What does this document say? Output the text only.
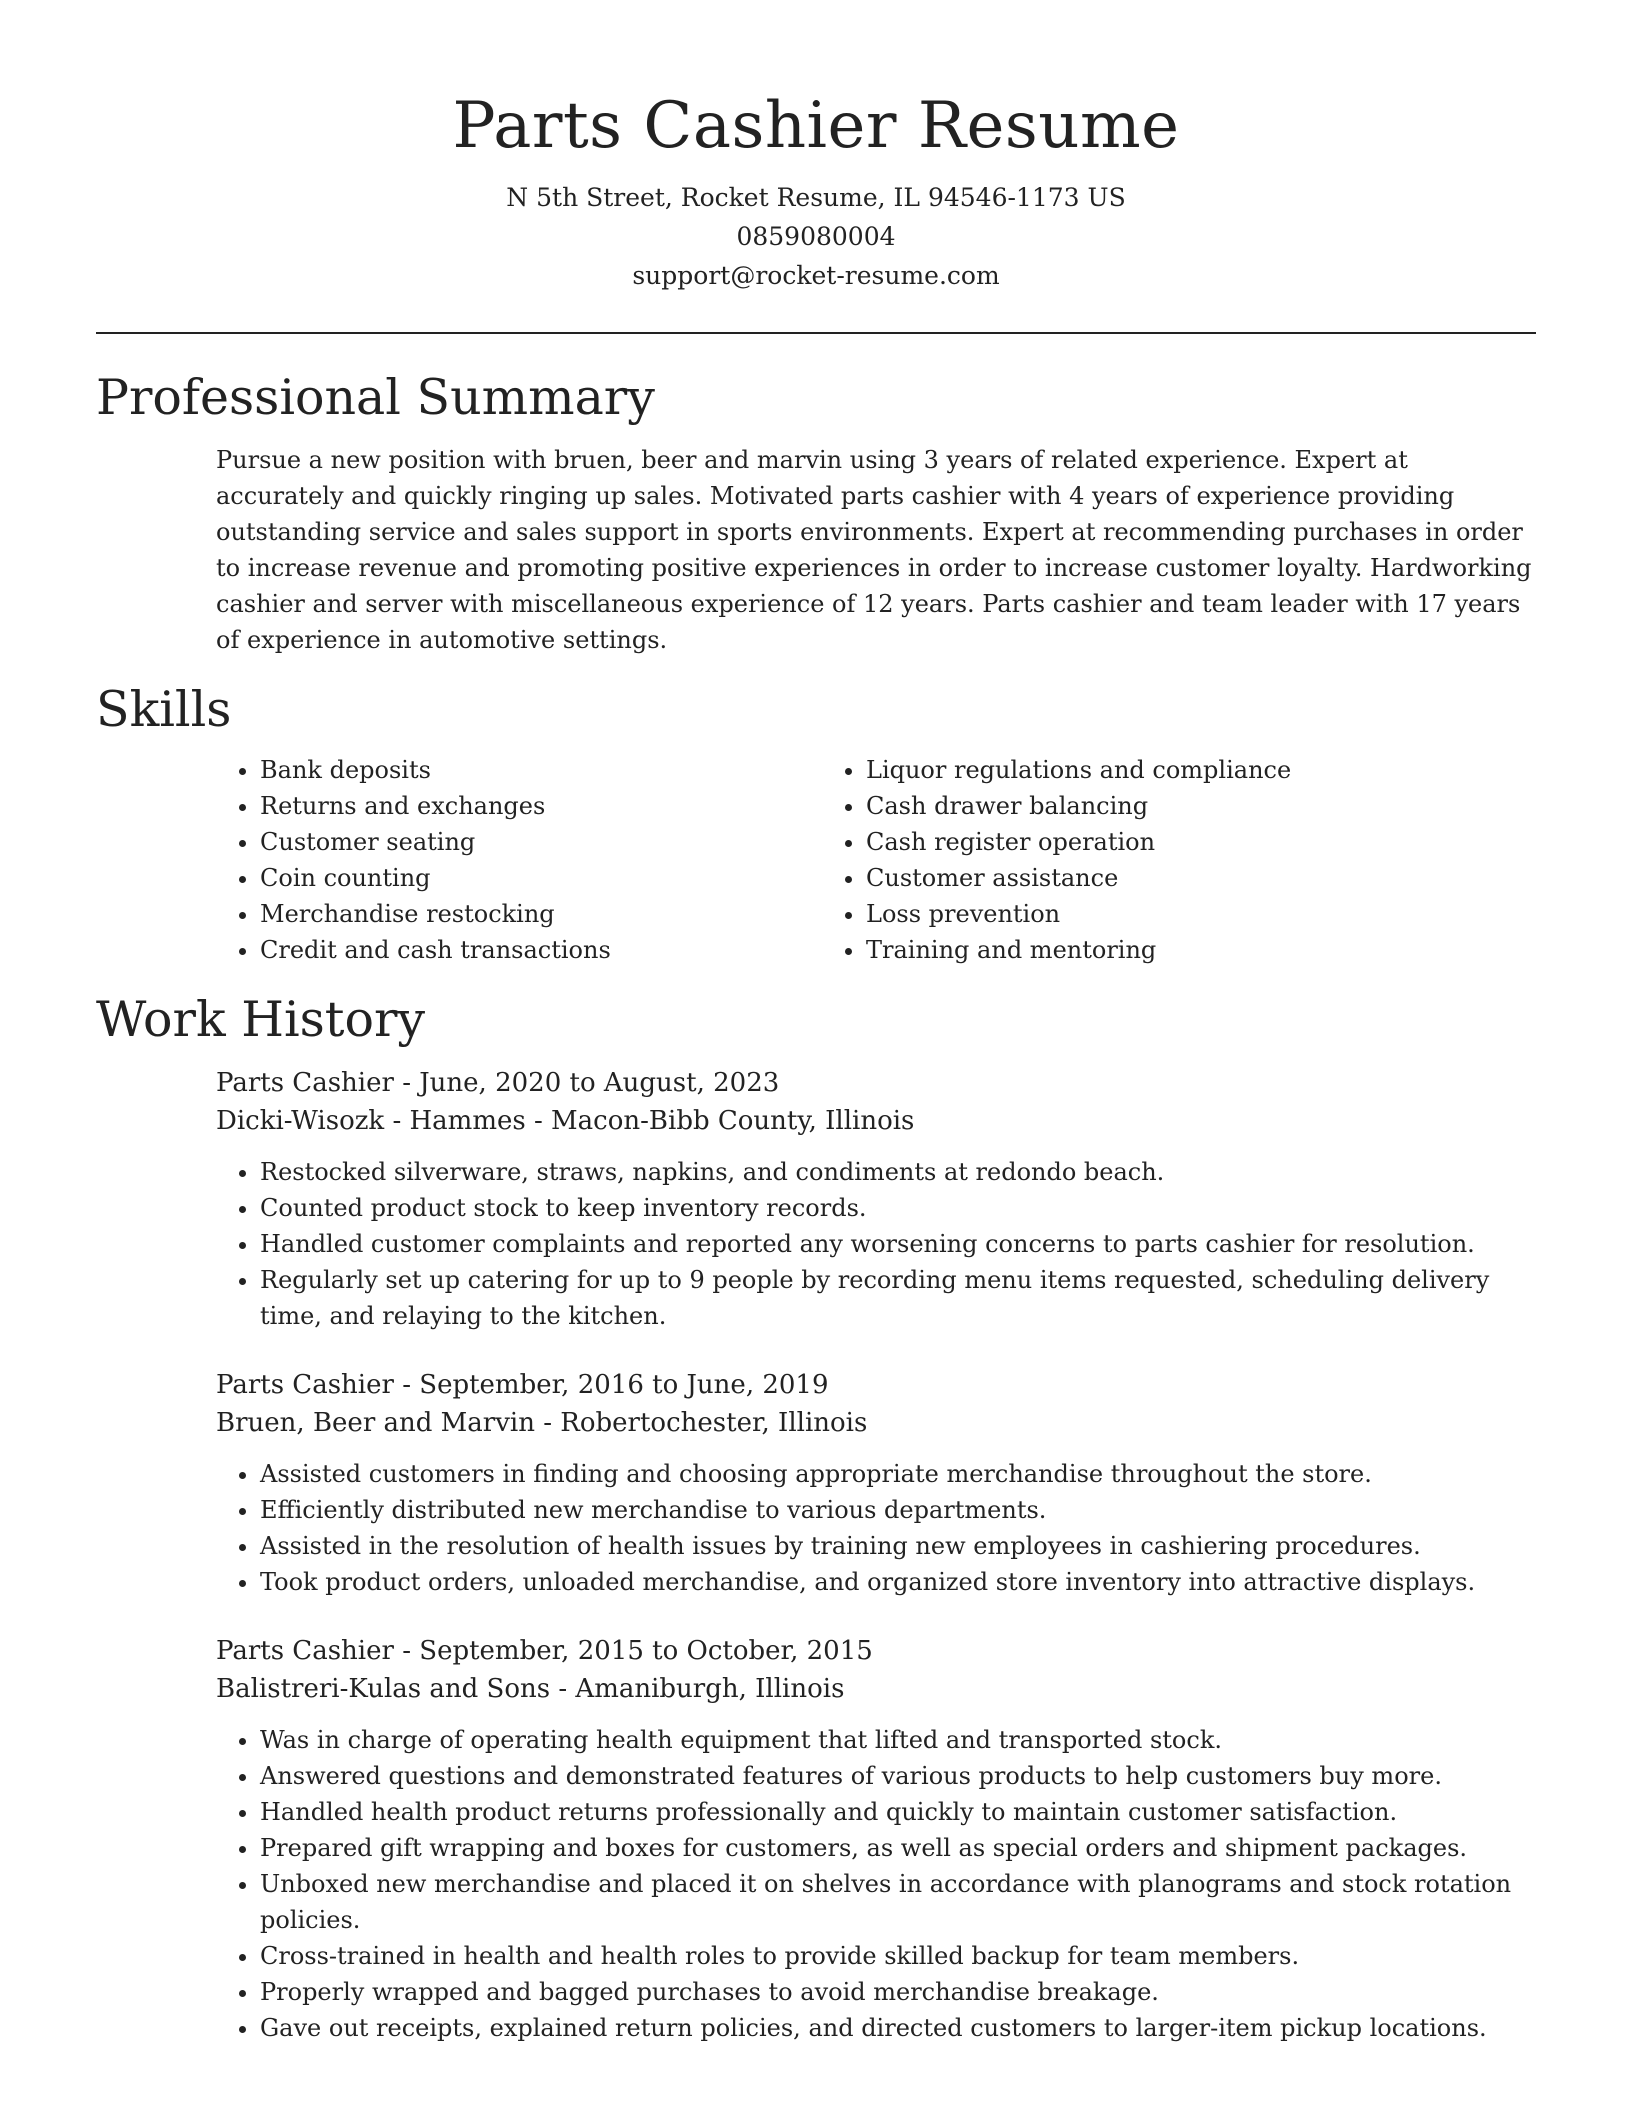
Parts Cashier Resume
N 5th Street, Rocket Resume, IL 94546-1173 US
0859080004
support@rocket-resume.com
Professional Summary
Pursue a new position with bruen, beer and marvin using 3 years of related experience. Expert at accurately and quickly ringing up sales. Motivated parts cashier with 4 years of experience providing outstanding service and sales support in sports environments. Expert at recommending purchases in order to increase revenue and promoting positive experiences in order to increase customer loyalty. Hardworking cashier and server with miscellaneous experience of 12 years. Parts cashier and team leader with 17 years of experience in automotive settings.
Skills
• Bank deposits
• Returns and exchanges
• Customer seating
• Coin counting
• Merchandise restocking
• Credit and cash transactions
• Liquor regulations and compliance
• Cash drawer balancing
• Cash register operation
• Customer assistance
• Loss prevention
• Training and mentoring
Work History
Parts Cashier - June, 2020 to August, 2023
Dicki-Wisozk - Hammes - Macon-Bibb County, Illinois
• Restocked silverware, straws, napkins, and condiments at redondo beach.
• Counted product stock to keep inventory records.
• Handled customer complaints and reported any worsening concerns to parts cashier for resolution.
• Regularly set up catering for up to 9 people by recording menu items requested, scheduling delivery time, and relaying to the kitchen.
Parts Cashier - September, 2016 to June, 2019
Bruen, Beer and Marvin - Robertochester, Illinois
• Assisted customers in finding and choosing appropriate merchandise throughout the store.
• Efficiently distributed new merchandise to various departments.
• Assisted in the resolution of health issues by training new employees in cashiering procedures.
• Took product orders, unloaded merchandise, and organized store inventory into attractive displays.
Parts Cashier - September, 2015 to October, 2015
Balistreri-Kulas and Sons - Amaniburgh, Illinois
• Was in charge of operating health equipment that lifted and transported stock.
• Answered questions and demonstrated features of various products to help customers buy more.
• Handled health product returns professionally and quickly to maintain customer satisfaction.
• Prepared gift wrapping and boxes for customers, as well as special orders and shipment packages.
• Unboxed new merchandise and placed it on shelves in accordance with planograms and stock rotation policies.
• Cross-trained in health and health roles to provide skilled backup for team members.
• Properly wrapped and bagged purchases to avoid merchandise breakage.
• Gave out receipts, explained return policies, and directed customers to larger-item pickup locations.
